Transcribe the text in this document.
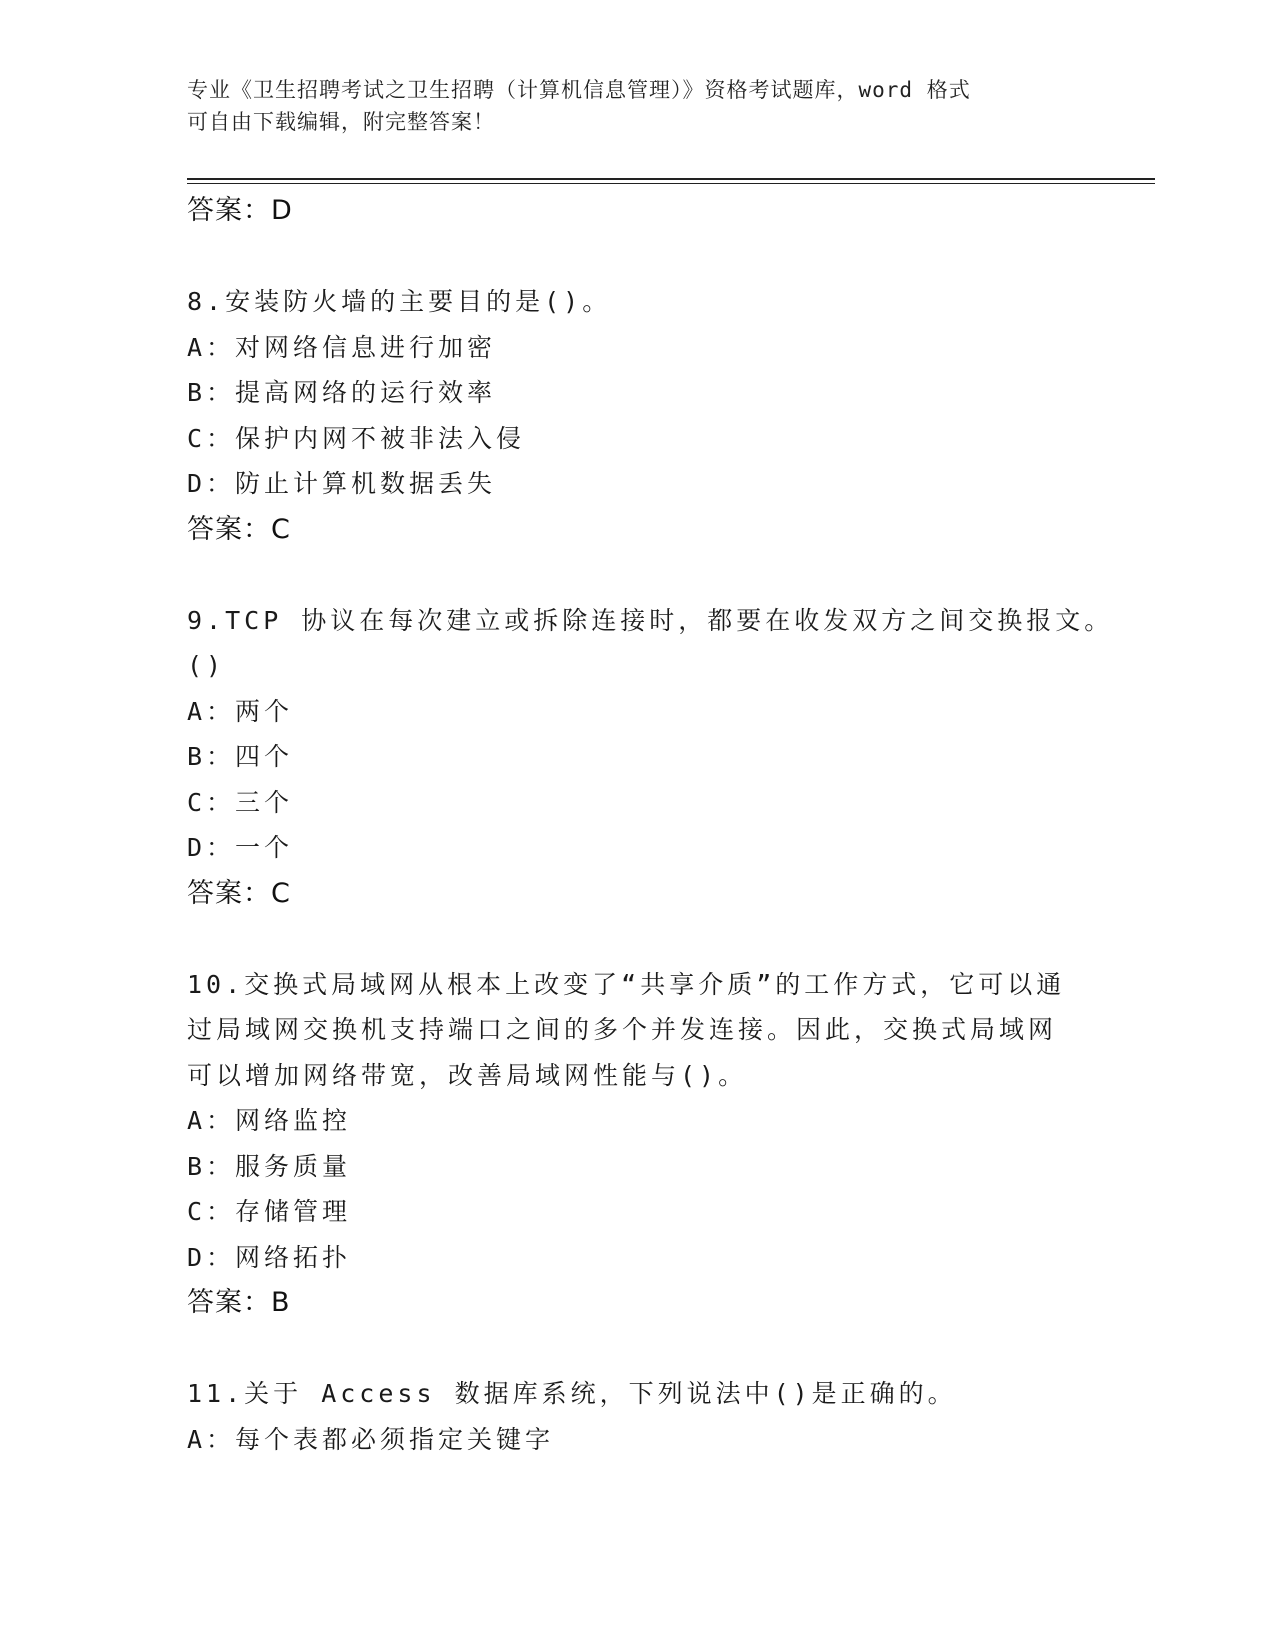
专业《卫生招聘考试之卫生招聘（计算机信息管理）》资格考试题库，word 格式
可自由下载编辑，附完整答案！
答案：D
8.安装防火墙的主要目的是()。
A：对网络信息进行加密
B：提高网络的运行效率
C：保护内网不被非法入侵
D：防止计算机数据丢失
答案：C
9.TCP 协议在每次建立或拆除连接时，都要在收发双方之间交换报文。
()
A：两个
B：四个
C：三个
D：一个
答案：C
10.交换式局域网从根本上改变了“共享介质”的工作方式，它可以通
过局域网交换机支持端口之间的多个并发连接。因此，交换式局域网
可以增加网络带宽，改善局域网性能与()。
A：网络监控
B：服务质量
C：存储管理
D：网络拓扑
答案：B
11.关于 Access 数据库系统，下列说法中()是正确的。
A：每个表都必须指定关键字
